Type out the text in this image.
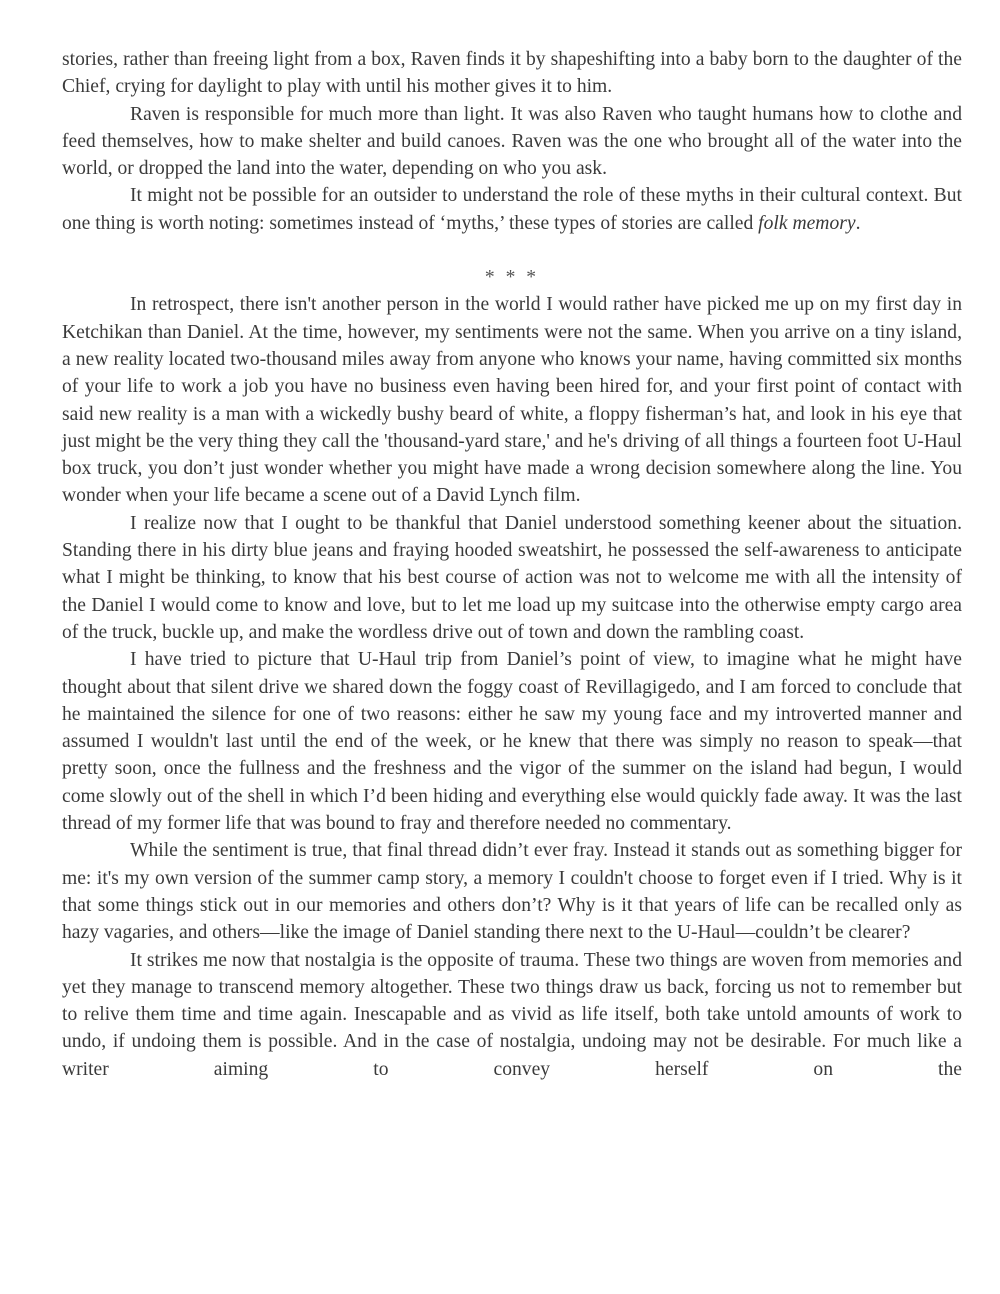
stories, rather than freeing light from a box, Raven finds it by shapeshifting into a baby born to the daughter of the Chief, crying for daylight to play with until his mother gives it to him.

Raven is responsible for much more than light. It was also Raven who taught humans how to clothe and feed themselves, how to make shelter and build canoes. Raven was the one who brought all of the water into the world, or dropped the land into the water, depending on who you ask.

It might not be possible for an outsider to understand the role of these myths in their cultural context. But one thing is worth noting: sometimes instead of ‘myths,’ these types of stories are called folk memory.

* * *

In retrospect, there isn't another person in the world I would rather have picked me up on my first day in Ketchikan than Daniel. At the time, however, my sentiments were not the same. When you arrive on a tiny island, a new reality located two-thousand miles away from anyone who knows your name, having committed six months of your life to work a job you have no business even having been hired for, and your first point of contact with said new reality is a man with a wickedly bushy beard of white, a floppy fisherman’s hat, and look in his eye that just might be the very thing they call the 'thousand-yard stare,' and he's driving of all things a fourteen foot U-Haul box truck, you don’t just wonder whether you might have made a wrong decision somewhere along the line. You wonder when your life became a scene out of a David Lynch film.

I realize now that I ought to be thankful that Daniel understood something keener about the situation. Standing there in his dirty blue jeans and fraying hooded sweatshirt, he possessed the self-awareness to anticipate what I might be thinking, to know that his best course of action was not to welcome me with all the intensity of the Daniel I would come to know and love, but to let me load up my suitcase into the otherwise empty cargo area of the truck, buckle up, and make the wordless drive out of town and down the rambling coast.

I have tried to picture that U-Haul trip from Daniel’s point of view, to imagine what he might have thought about that silent drive we shared down the foggy coast of Revillagigedo, and I am forced to conclude that he maintained the silence for one of two reasons: either he saw my young face and my introverted manner and assumed I wouldn't last until the end of the week, or he knew that there was simply no reason to speak—that pretty soon, once the fullness and the freshness and the vigor of the summer on the island had begun, I would come slowly out of the shell in which I’d been hiding and everything else would quickly fade away. It was the last thread of my former life that was bound to fray and therefore needed no commentary.

While the sentiment is true, that final thread didn’t ever fray. Instead it stands out as something bigger for me: it's my own version of the summer camp story, a memory I couldn't choose to forget even if I tried. Why is it that some things stick out in our memories and others don’t? Why is it that years of life can be recalled only as hazy vagaries, and others—like the image of Daniel standing there next to the U-Haul—couldn’t be clearer?

It strikes me now that nostalgia is the opposite of trauma. These two things are woven from memories and yet they manage to transcend memory altogether. These two things draw us back, forcing us not to remember but to relive them time and time again. Inescapable and as vivid as life itself, both take untold amounts of work to undo, if undoing them is possible. And in the case of nostalgia, undoing may not be desirable. For much like a writer aiming to convey herself on the
